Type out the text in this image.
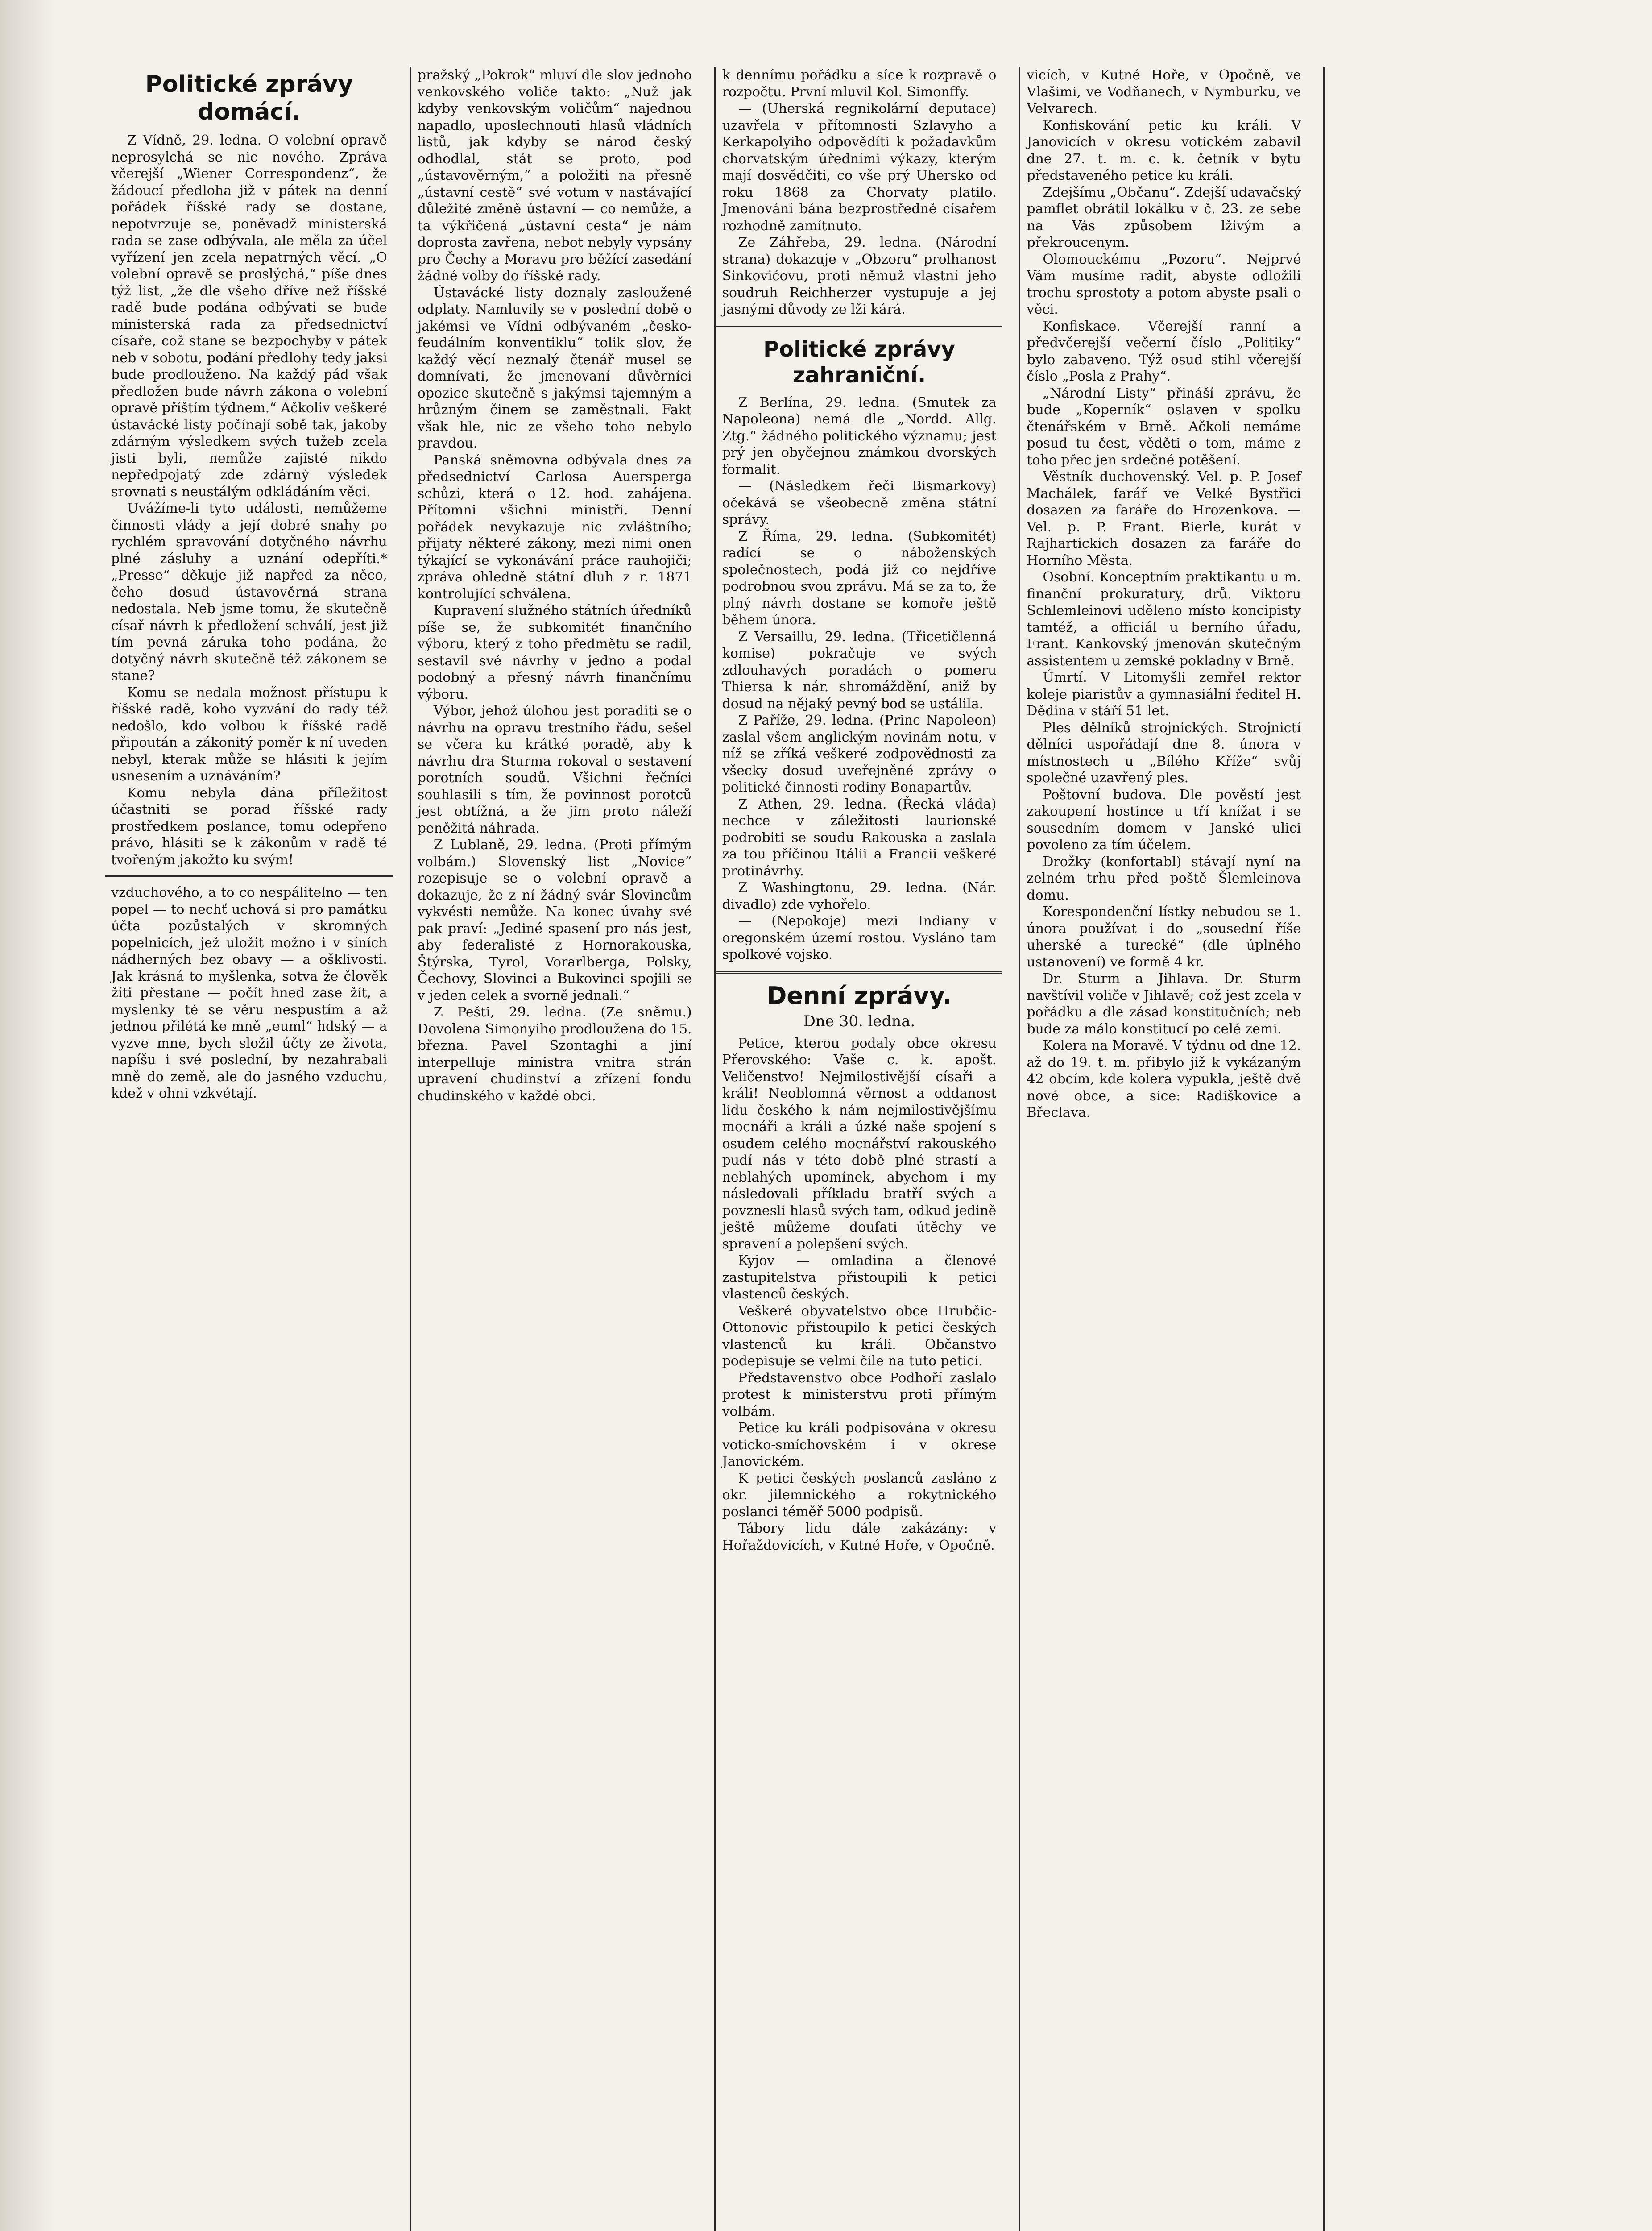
Politické zprávy domácí.

Z Vídně, 29. ledna. O volební opravě neprosylchá se nic nového. Zpráva včerejší „Wiener Correspondenz“, že žádoucí předloha již v pátek na denní pořádek říšské rady se dostane, nepotvrzuje se, poněvadž ministerská rada se zase odbývala, ale měla za účel vyřízení jen zcela nepatrných věcí. „O volební opravě se proslýchá,“ píše dnes týž list, „že dle všeho dříve než říšské radě bude podána odbývati se bude ministerská rada za předsednictví císaře, což stane se bezpochyby v pátek neb v sobotu, podání předlohy tedy jaksi bude prodlouženo. Na každý pád však předložen bude návrh zákona o volební opravě příštím týdnem.“ Ačkoliv veškeré ústavácké listy počínají sobě tak, jakoby zdárným výsledkem svých tužeb zcela jisti byli, nemůže zajisté nikdo nepředpojatý zde zdárný výsledek srovnati s neustálým odkládáním věci.

Uvážíme-li tyto události, nemůžeme činnosti vlády a její dobré snahy po rychlém spravování dotyčného návrhu plné zásluhy a uznání odepříti.* „Presse“ děkuje již napřed za něco, čeho dosud ústavověrná strana nedostala. Neb jsme tomu, že skutečně císař návrh k předložení schválí, jest již tím pevná záruka toho podána, že dotyčný návrh skutečně též zákonem se stane?

Komu se nedala možnost přístupu k říšské radě, koho vyzvání do rady též nedošlo, kdo volbou k říšské radě připoután a zákonitý poměr k ní uveden nebyl, kterak může se hlásiti k jejím usnesením a uznáváním?

Komu nebyla dána příležitost účastniti se porad říšské rady prostředkem poslance, tomu odepřeno právo, hlásiti se k zákonům v radě té tvořeným jakožto ku svým!

vzduchového, a to co nespálitelno — ten popel — to nechť uchová si pro památku účta pozůstalých v skromných popelnicích, jež uložit možno i v síních nádherných bez obavy — a ošklivosti. Jak krásná to myšlenka, sotva že člověk žíti přestane — počít hned zase žít, a myslenky té se věru nespustím a až jednou přilétá ke mně „euml“ hdský — a vyzve mne, bych složil účty ze života, napíšu i své poslední, by nezahrabali mně do země, ale do jasného vzduchu, kdež v ohni vzkvétají.

pražský „Pokrok“ mluví dle slov jednoho venkovského voliče takto: „Nuž jak kdyby venkovským voličům“ najednou napadlo, uposlechnouti hlasů vládních listů, jak kdyby se národ český odhodlal, stát se proto, pod „ústavověrným,“ a položiti na přesně „ústavní cestě“ své votum v nastávající důležité změně ústavní — co nemůže, a ta výkřičená „ústavní cesta“ je nám doprosta zavřena, nebot nebyly vypsány pro Čechy a Moravu pro běžící zasedání žádné volby do říšské rady.

Ústavácké listy doznaly zasloužené odplaty. Namluvily se v poslední době o jakémsi ve Vídni odbývaném „česko-feudálním konventiklu“ tolik slov, že každý věcí neznalý čtenář musel se domnívati, že jmenovaní důvěrníci opozice skutečně s jakýmsi tajemným a hrůzným činem se zaměstnali. Fakt však hle, nic ze všeho toho nebylo pravdou.

Panská sněmovna odbývala dnes za předsednictví Carlosa Auersperga schůzi, která o 12. hod. zahájena. Přítomni všichni ministři. Denní pořádek nevykazuje nic zvláštního; přijaty některé zákony, mezi nimi onen týkající se vykonávání práce rauhojiči; zpráva ohledně státní dluh z r. 1871 kontrolující schválena.

Kupravení služného státních úředníků píše se, že subkomitét finančního výboru, který z toho předmětu se radil, sestavil své návrhy v jedno a podal podobný a přesný návrh finančnímu výboru.

Výbor, jehož úlohou jest poraditi se o návrhu na opravu trestního řádu, sešel se včera ku krátké poradě, aby k návrhu dra Sturma rokoval o sestavení porotních soudů. Všichni řečníci souhlasili s tím, že povinnost porotců jest obtížná, a že jim proto náleží peněžitá náhrada.

Z Lublaně, 29. ledna. (Proti přímým volbám.) Slovenský list „Novice“ rozepisuje se o volební opravě a dokazuje, že z ní žádný svár Slovincům vykvésti nemůže. Na konec úvahy své pak praví: „Jediné spasení pro nás jest, aby federalisté z Hornorakouska, Štýrska, Tyrol, Vorarlberga, Polsky, Čechovy, Slovinci a Bukovinci spojili se v jeden celek a svorně jednali.“

Z Pešti, 29. ledna. (Ze sněmu.) Dovolena Simonyiho prodloužena do 15. března. Pavel Szontaghi a jiní interpelluje ministra vnitra strán upravení chudinství a zřízení fondu chudinského v každé obci.

k dennímu pořádku a síce k rozpravě o rozpočtu. První mluvil Kol. Simonffy.

— (Uherská regnikolární deputace) uzavřela v přítomnosti Szlavyho a Kerkapolyiho odpovědíti k požadavkům chorvatským úředními výkazy, kterým mají dosvědčiti, co vše prý Uhersko od roku 1868 za Chorvaty platilo. Jmenování bána bezprostředně císařem rozhodně zamítnuto.

Ze Záhřeba, 29. ledna. (Národní strana) dokazuje v „Obzoru“ prolhanost Sinkovićovu, proti němuž vlastní jeho soudruh Reichherzer vystupuje a jej jasnými důvody ze lži kárá.

Politické zprávy zahraniční.

Z Berlína, 29. ledna. (Smutek za Napoleona) nemá dle „Nordd. Allg. Ztg.“ žádného politického významu; jest prý jen obyčejnou známkou dvorských formalit.

— (Následkem řeči Bismarkovy) očekává se všeobecně změna státní správy.

Z Říma, 29. ledna. (Subkomitét) radící se o náboženských společnostech, podá již co nejdříve podrobnou svou zprávu. Má se za to, že plný návrh dostane se komoře ještě během února.

Z Versaillu, 29. ledna. (Třicetičlenná komise) pokračuje ve svých zdlouhavých poradách o pomeru Thiersa k nár. shromáždění, aniž by dosud na nějaký pevný bod se ustálila.

Z Paříže, 29. ledna. (Princ Napoleon) zaslal všem anglickým novinám notu, v níž se zříká veškeré zodpovědnosti za všecky dosud uveřejněné zprávy o politické činnosti rodiny Bonapartův.

Z Athen, 29. ledna. (Řecká vláda) nechce v záležitosti laurionské podrobiti se soudu Rakouska a zaslala za tou příčinou Itálii a Francii veškeré protinávrhy.

Z Washingtonu, 29. ledna. (Nár. divadlo) zde vyhořelo.

— (Nepokoje) mezi Indiany v oregonském území rostou. Vysláno tam spolkové vojsko.

Denní zprávy.
Dne 30. ledna.

Petice, kterou podaly obce okresu Přerovského: Vaše c. k. apošt. Veličenstvo! Nejmilostivější císaři a králi! Neoblomná věrnost a oddanost lidu českého k nám nejmilostivějšímu mocnáři a králi a úzké naše spojení s osudem celého mocnářství rakouského pudí nás v této době plné strastí a neblahých upomínek, abychom i my následovali příkladu bratří svých a povznesli hlasů svých tam, odkud jedině ještě můžeme doufati útěchy ve spravení a polepšení svých.

Kyjov — omladina a členové zastupitelstva přistoupili k petici vlastenců českých.

Veškeré obyvatelstvo obce Hrubčic-Ottonovic přistoupilo k petici českých vlastenců ku králi. Občanstvo podepisuje se velmi čile na tuto petici.

Představenstvo obce Podhoří zaslalo protest k ministerstvu proti přímým volbám.

Petice ku králi podpisována v okresu voticko-smíchovském i v okrese Janovickém.

K petici českých poslanců zaslánо z okr. jilemnického a rokytnického poslanci téměř 5000 podpisů.

Tábory lidu dále zakázány: v Hořaždovicích, v Kutné Hoře, v Opočně.

vicích, v Kutné Hoře, v Opočně, ve Vlašimi, ve Vodňanech, v Nymburku, ve Velvarech.

Konfiskování petic ku králi. V Janovicích v okresu votickém zabavil dne 27. t. m. c. k. četník v bytu představeného petice ku králi.

Zdejšímu „Občanu“. Zdejší udavačský pamflet obrátil lokálku v č. 23. ze sebe na Vás způsobem lživým a překroucenym.

Olomouckému „Pozoru“. Nejprvé Vám musíme radit, abyste odložili trochu sprostoty a potom abyste psali o věci.

Konfiskace. Včerejší ranní a předvčerejší večerní číslo „Politiky“ bylo zabaveno. Týž osud stihl včerejší číslo „Posla z Prahy“.

„Národní Listy“ přináší zprávu, že bude „Koperník“ oslaven v spolku čtenářském v Brně. Ačkoli nemáme posud tu čest, věděti o tom, máme z toho přec jen srdečné potěšení.

Věstník duchovenský. Vel. p. P. Josef Machálek, farář ve Velké Bystřici dosazen za faráře do Hrozenkova. — Vel. p. P. Frant. Bierle, kurát v Rajhartickich dosazen za faráře do Horního Města.

Osobní. Konceptním praktikantu u m. finanční prokuratury, drů. Viktoru Schlemleinovi uděleno místo koncipisty tamtéž, a officiál u berního úřadu, Frant. Kankovský jmenován skutečným assistentem u zemské pokladny v Brně.

Úmrtí. V Litomyšli zemřel rektor koleje piaristův a gymnasiální ředitel H. Dědina v stáří 51 let.

Ples dělníků strojnických. Strojnictí dělníci uspořádají dne 8. února v místnostech u „Bílého Kříže“ svůj společné uzavřený ples.

Poštovní budova. Dle pověstí jest zakoupení hostince u tří knížat i se sousedním domem v Janské ulici povoleno za tím účelem.

Drožky (konfortabl) stávají nyní na zelném trhu před poště Šlemleinova domu.

Korespondenční lístky nebudou se 1. února používat i do „sousední říše uherské a turecké“ (dle úplného ustanovení) ve formě 4 kr.

Dr. Sturm a Jihlava. Dr. Sturm navštívil voliče v Jihlavě; což jest zcela v pořádku a dle zásad konstitučních; neb bude za málo konstitucí po celé zemi.

Kolera na Moravě. V týdnu od dne 12. až do 19. t. m. přibylo již k vykázaným 42 obcím, kde kolera vypukla, ještě dvě nové obce, a sice: Radiškovice a Břeclava.
